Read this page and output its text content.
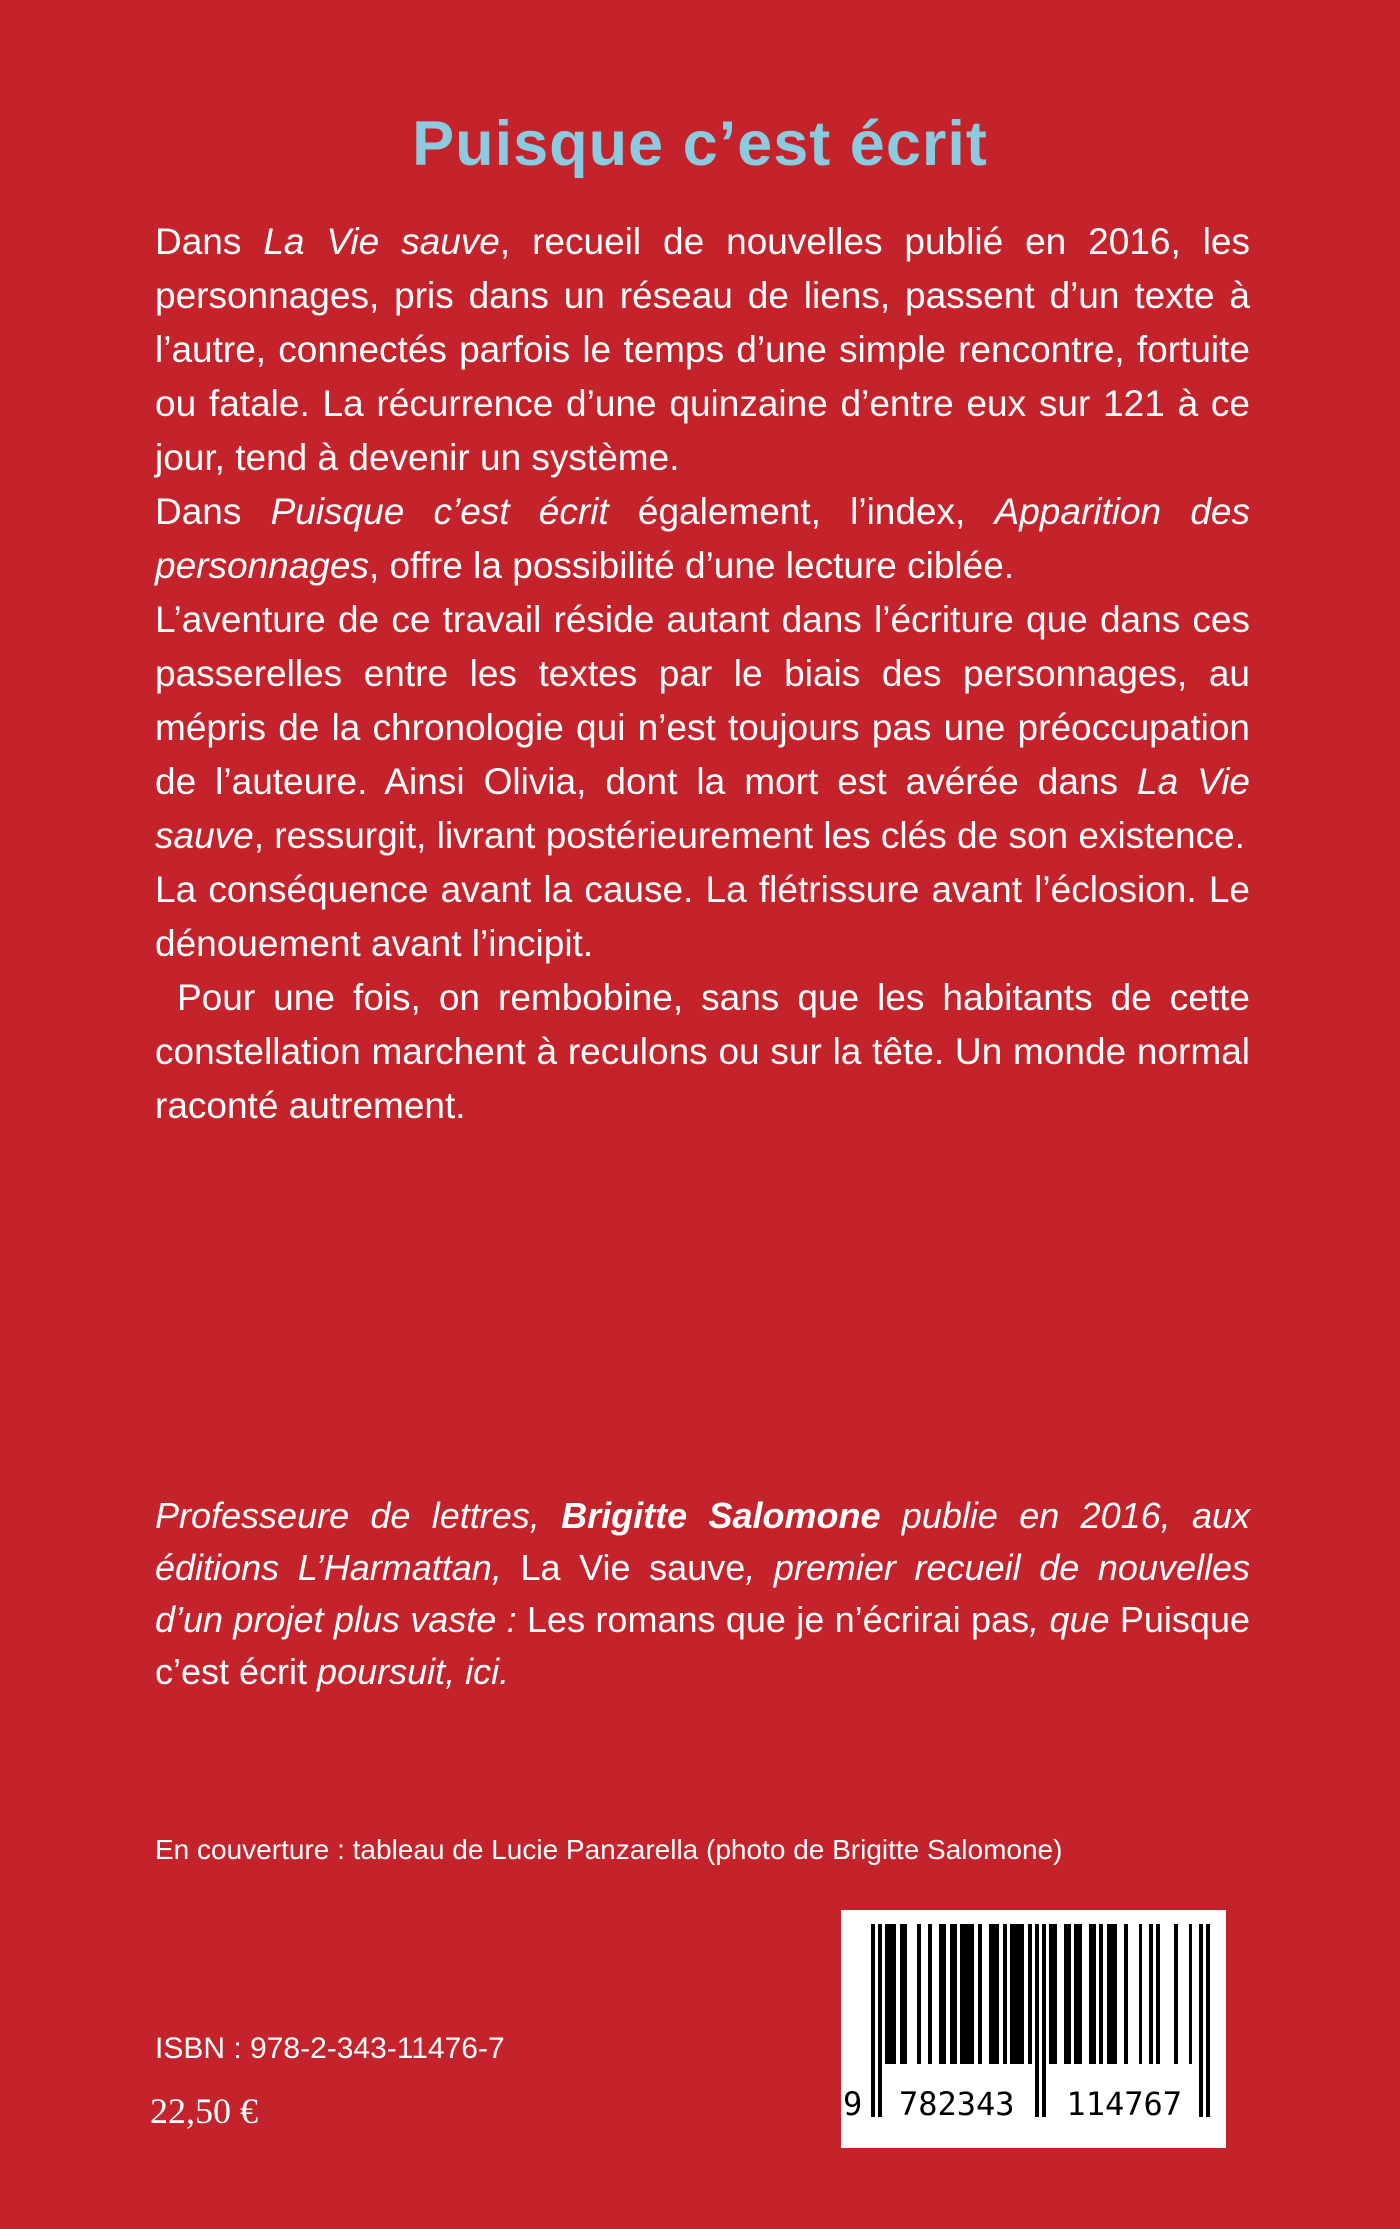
Puisque c’est écrit

Dans La Vie sauve, recueil de nouvelles publié en 2016, les personnages, pris dans un réseau de liens, passent d’un texte à l’autre, connectés parfois le temps d’une simple rencontre, fortuite ou fatale. La récurrence d’une quinzaine d’entre eux sur 121 à ce jour, tend à devenir un système.

Dans Puisque c’est écrit également, l’index, Apparition des personnages, offre la possibilité d’une lecture ciblée.

L’aventure de ce travail réside autant dans l’écriture que dans ces passerelles entre les textes par le biais des personnages, au mépris de la chronologie qui n’est toujours pas une préoccupation de l’auteure. Ainsi Olivia, dont la mort est avérée dans La Vie sauve, ressurgit, livrant postérieurement les clés de son existence.

La conséquence avant la cause. La flétrissure avant l’éclosion. Le dénouement avant l’incipit.

Pour une fois, on rembobine, sans que les habitants de cette constellation marchent à reculons ou sur la tête. Un monde normal raconté autrement.

Professeure de lettres, Brigitte Salomone publie en 2016, aux éditions L’Harmattan, La Vie sauve, premier recueil de nouvelles d’un projet plus vaste : Les romans que je n’écrirai pas, que Puisque c’est écrit poursuit, ici.

En couverture : tableau de Lucie Panzarella (photo de Brigitte Salomone)

9	782343	114767

ISBN : 978-2-343-11476-7

22,50 €
